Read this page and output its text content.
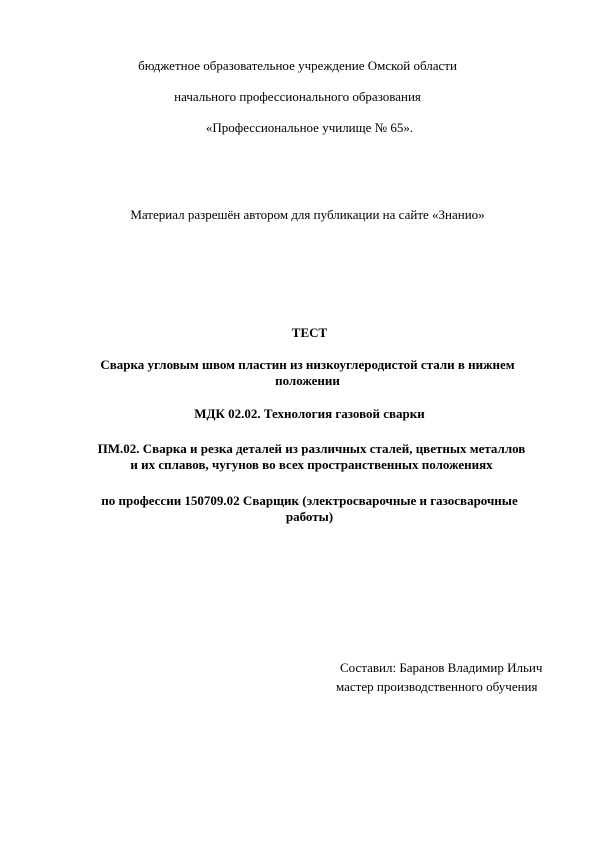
бюджетное образовательное учреждение Омской области
начального профессионального образования
«Профессиональное училище № 65».
Материал разрешён автором для публикации на сайте «Знанио»
ТЕСТ
Сварка угловым швом пластин из низкоуглеродистой стали в нижнем
положении
МДК 02.02. Технология газовой сварки
ПМ.02. Сварка и резка деталей из различных сталей, цветных металлов
и их сплавов, чугунов во всех пространственных положениях
по профессии 150709.02 Сварщик (электросварочные и газосварочные
работы)
Составил: Баранов Владимир Ильич
мастер производственного обучения
